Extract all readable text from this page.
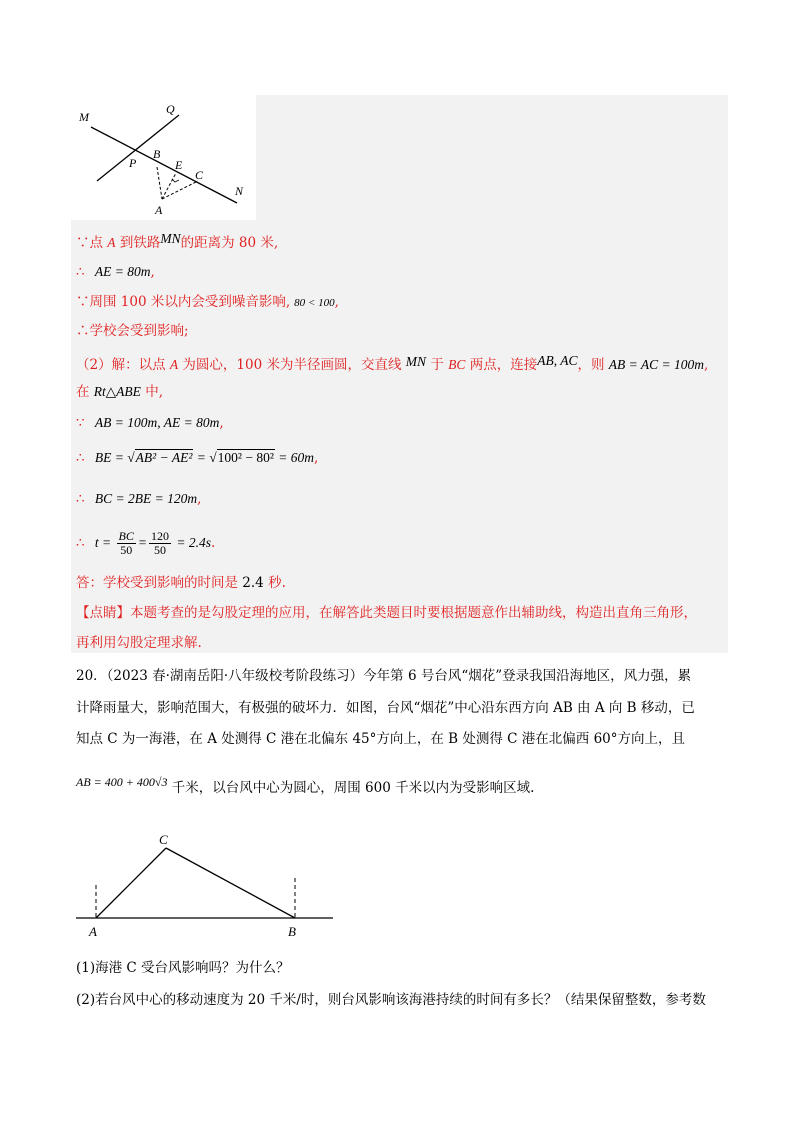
M
Q
P
B
E
C
N
A
∵点 A 到铁路MN的距离为 80 米,
∴ AE = 80m,
∵周围 100 米以内会受到噪音影响, 80 < 100,
∴学校会受到影响;
（2）解：以点 A 为圆心，100 米为半径画圆，交直线 MN 于 BC 两点，连接AB, AC，则 AB = AC = 100m,
在 Rt△ABE 中,
∵ AB = 100m, AE = 80m,
∴ BE = √AB² − AE² = √100² − 80² = 60m,
∴ BC = 2BE = 120m,
∴ $t = \frac{BC}{50} = \frac{120}{50} = 2.4s$.
答：学校受到影响的时间是 2.4 秒.
【点睛】本题考查的是勾股定理的应用，在解答此类题目时要根据题意作出辅助线，构造出直角三角形，
再利用勾股定理求解.
20．（2023 春·湖南岳阳·八年级校考阶段练习）今年第 6 号台风“烟花”登录我国沿海地区，风力强，累
计降雨量大，影响范围大，有极强的破坏力．如图，台风“烟花”中心沿东西方向 AB 由 A 向 B 移动，已
知点 C 为一海港，在 A 处测得 C 港在北偏东 45°方向上，在 B 处测得 C 港在北偏西 60°方向上，且
AB = 400 + 400√3 千米，以台风中心为圆心，周围 600 千米以内为受影响区域.
A	B
C
(1)海港 C 受台风影响吗？为什么？
(2)若台风中心的移动速度为 20 千米/时，则台风影响该海港持续的时间有多长？（结果保留整数，参考数
